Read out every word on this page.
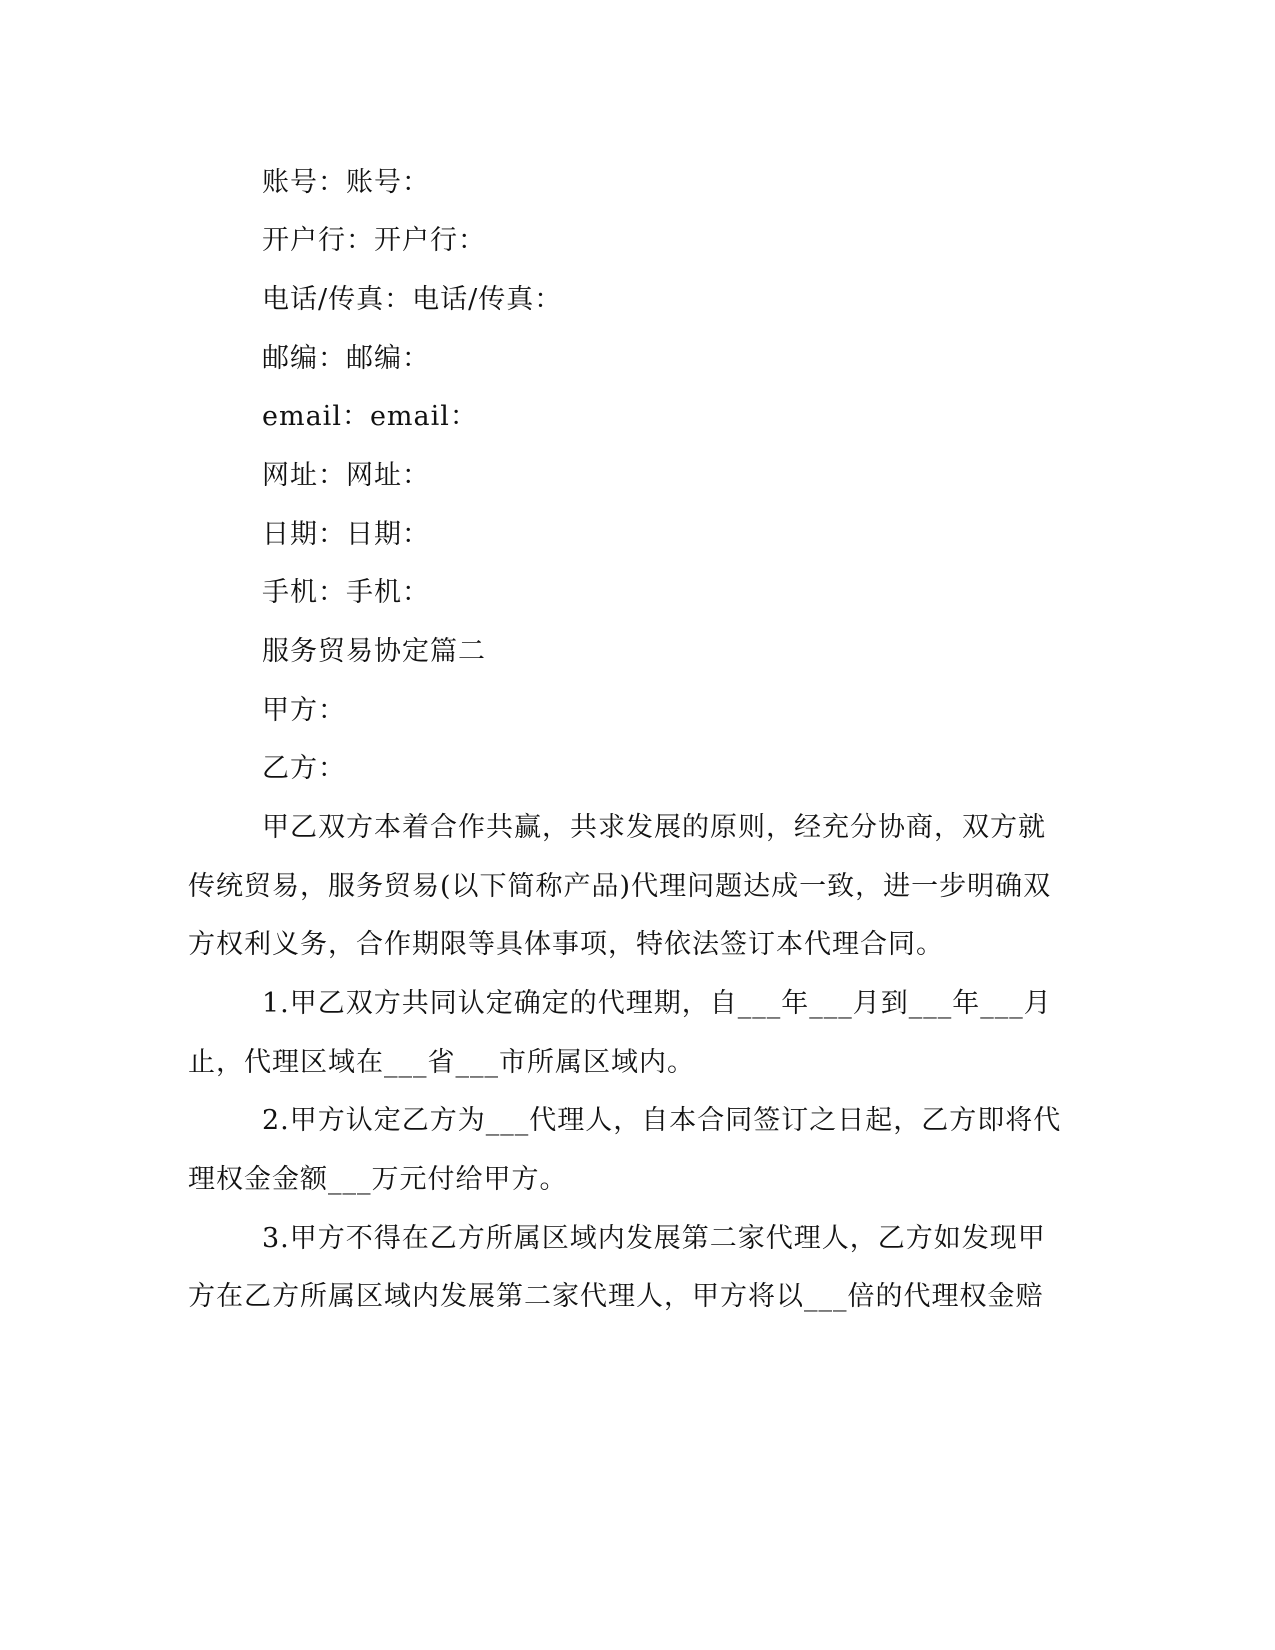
账号：账号：
开户行：开户行：
电话/传真：电话/传真：
邮编：邮编：
email：email：
网址：网址：
日期：日期：
手机：手机：
服务贸易协定篇二
甲方：
乙方：
甲乙双方本着合作共赢，共求发展的原则，经充分协商，双方就
传统贸易，服务贸易(以下简称产品)代理问题达成一致，进一步明确双
方权利义务，合作期限等具体事项，特依法签订本代理合同。
1.甲乙双方共同认定确定的代理期，自___年___月到___年___月
止，代理区域在___省___市所属区域内。
2.甲方认定乙方为___代理人，自本合同签订之日起，乙方即将代
理权金金额___万元付给甲方。
3.甲方不得在乙方所属区域内发展第二家代理人，乙方如发现甲
方在乙方所属区域内发展第二家代理人，甲方将以___倍的代理权金赔
